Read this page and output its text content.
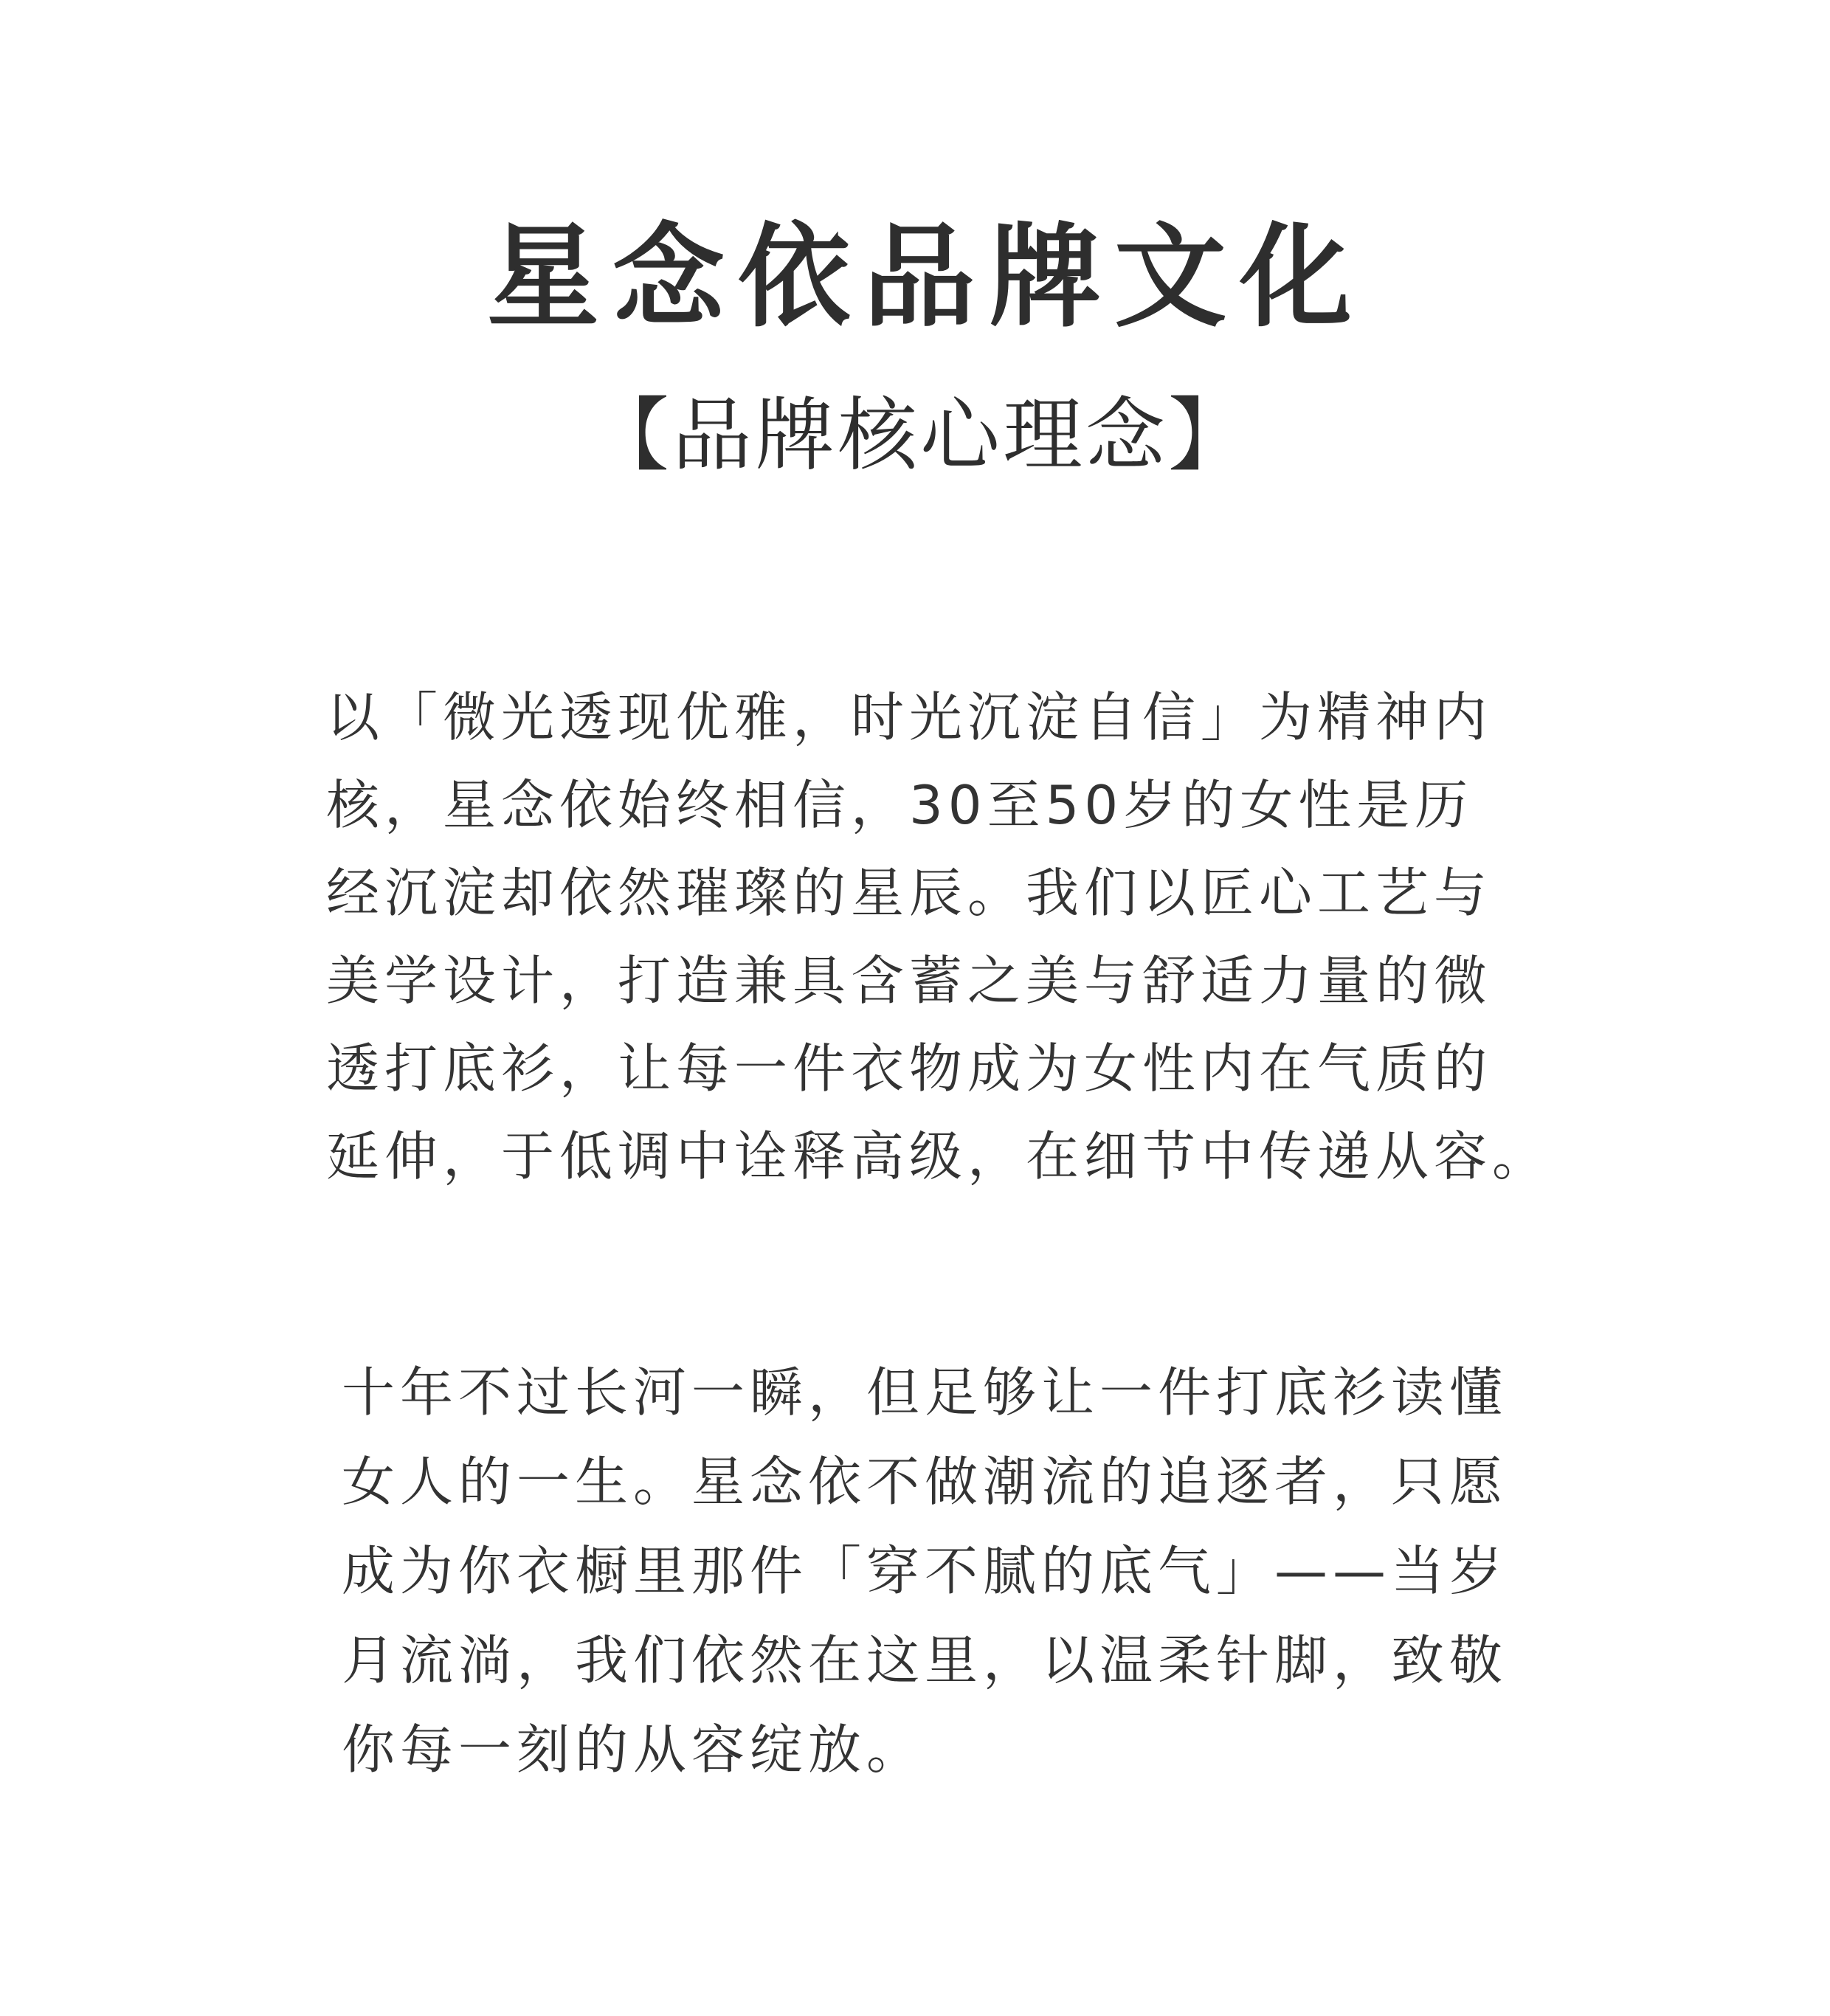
星念依品牌文化
【品牌核心理念】
以「微光透现优雅，时光沉淀自信」为精神内
核，星念依始终相信，30至50岁的女性是历
经沉淀却依然璀璨的星辰。我们以匠心工艺与
美学设计，打造兼具含蓄之美与舒适力量的微
透打底衫，让每一件衣物成为女性内在气质的
延伸，于低调中诠释高级，在细节中传递从容。
十年不过长河一瞬，但足够让一件打底衫读懂
女人的一生。星念依不做潮流的追逐者，只愿
成为你衣橱里那件「穿不腻的底气」——当岁
月流淌，我们依然在这里，以温柔针脚，致敬
你每一刻的从容绽放。
